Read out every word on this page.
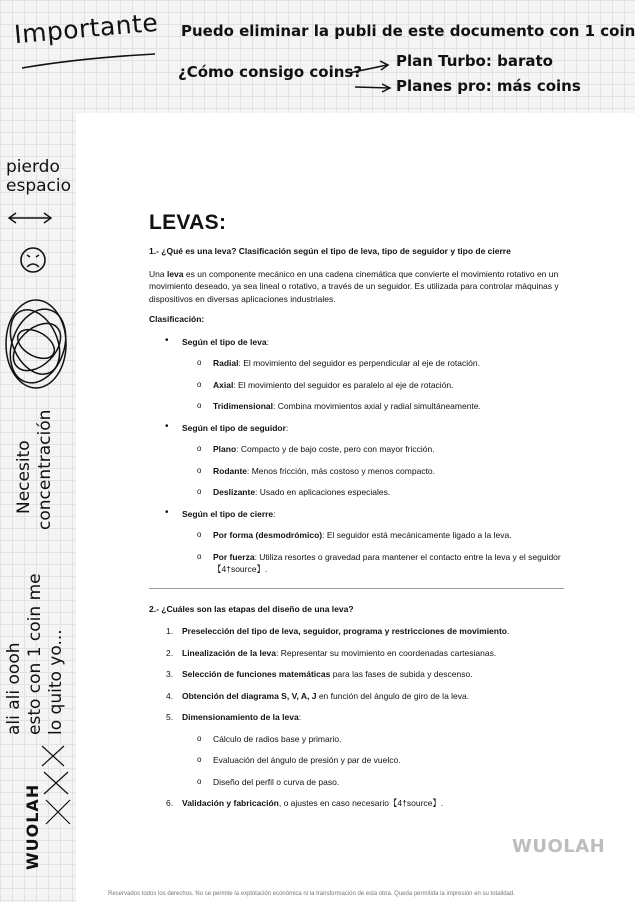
Importante Puedo eliminar la publi de este documento con 1 coin
¿Cómo consigo coins?
Plan Turbo: barato
Planes pro: más coins
pierdo
espacio
Necesito concentración
ali ali oooh esto con 1 coin me lo quito yo...
WUOLAH
LEVAS:
1.- ¿Qué es una leva? Clasificación según el tipo de leva, tipo de seguidor y tipo de cierre

Una leva es un componente mecánico en una cadena cinemática que convierte el movimiento rotativo en un movimiento deseado, ya sea lineal o rotativo, a través de un seguidor. Es utilizada para controlar máquinas y dispositivos en diversas aplicaciones industriales.

Clasificación:

• Según el tipo de leva:
o Radial: El movimiento del seguidor es perpendicular al eje de rotación.
o Axial: El movimiento del seguidor es paralelo al eje de rotación.
o Tridimensional: Combina movimientos axial y radial simultáneamente.
• Según el tipo de seguidor:
o Plano: Compacto y de bajo coste, pero con mayor fricción.
o Rodante: Menos fricción, más costoso y menos compacto.
o Deslizante: Usado en aplicaciones especiales.
• Según el tipo de cierre:
o Por forma (desmodrómico): El seguidor está mecánicamente ligado a la leva.
o Por fuerza: Utiliza resortes o gravedad para mantener el contacto entre la leva y el seguidor【4†source】.
2.- ¿Cuáles son las etapas del diseño de una leva?
1. Preselección del tipo de leva, seguidor, programa y restricciones de movimiento.
2. Linealización de la leva: Representar su movimiento en coordenadas cartesianas.
3. Selección de funciones matemáticas para las fases de subida y descenso.
4. Obtención del diagrama S, V, A, J en función del ángulo de giro de la leva.
5. Dimensionamiento de la leva:
o Cálculo de radios base y primario.
o Evaluación del ángulo de presión y par de vuelco.
o Diseño del perfil o curva de paso.
6. Validación y fabricación, o ajustes en caso necesario【4†source】.
WUOLAH
Reservados todos los derechos. No se permite la explotación económica ni la transformación de esta obra. Queda permitida la impresión en su totalidad.
